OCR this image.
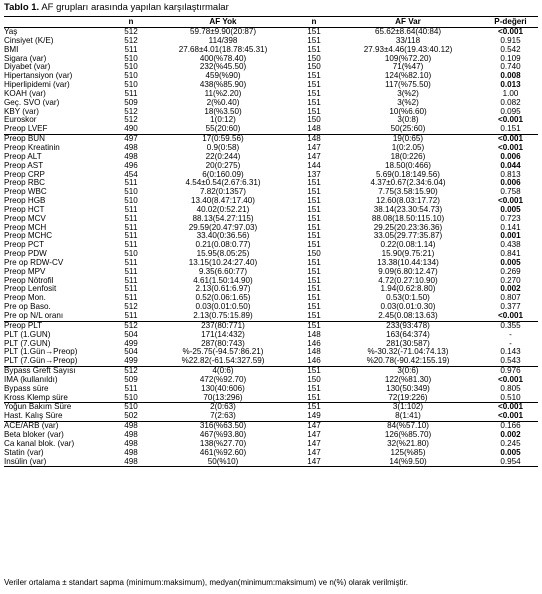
Tablo 1. AF grupları arasında yapılan karşılaştırmalar
	n	AF Yok	n	AF Var	P-değeri
Yaş	512	59.78±9.90(20:87)	151	65.62±8.64(40:84)	<0.001
Cinsiyet (K/E)	512	114/398	151	33/118	0.915
BMI	511	27.68±4.01(18.78:45.31)	151	27.93±4.46(19.43:40.12)	0.542
Sigara (var)	510	400(%78.40)	150	109(%72.20)	0.109
Diyabet (var)	510	232(%45.50)	150	71(%47)	0.740
Hipertansiyon (var)	510	459(%90)	151	124(%82.10)	0.008
Hiperlipidemi (var)	510	438(%85.90)	151	117(%75.50)	0.013
KOAH (var)	511	11(%2.20)	151	3(%2)	1.00
Geç. SVO (var)	509	2(%0.40)	151	3(%2)	0.082
KBY (var)	512	18(%3.50)	151	10(%6.60)	0.095
Euroskor	512	1(0:12)	150	3(0:8)	<0.001
Preop LVEF	490	55(20:60)	148	50(25:60)	0.151
Preop BUN	497	17(0:59.56)	148	19(0:65)	<0.001
Preop Kreatinin	498	0.9(0:58)	147	1(0:2.05)	<0.001
Preop ALT	498	22(0:244)	147	18(0:226)	0.006
Preop AST	496	20(0:275)	144	18.50(0:466)	0.044
Preop CRP	454	6(0:160.09)	137	5.69(0.18:149.56)	0.813
Preop RBC	511	4.54±0.54(2.67:6.31)	151	4.37±0.67(2.34:6.04)	0.006
Preop WBC	510	7.82(0:1357)	151	7.75(3.58:15.90)	0.758
Preop HGB	510	13.40(8.47:17.40)	151	12.60(8.03:17.72)	<0.001
Preop HCT	511	40.02(0:52.21)	151	38.14(23.30:54.73)	0.005
Preop MCV	511	88.13(54.27:115)	151	88.08(18.50:115.10)	0.723
Preop MCH	511	29.59(20.47:97.03)	151	29.25(20.23:36.36)	0.141
Preop MCHC	511	33.40(0:36.56)	151	33.05(29.77:35.87)	0.001
Preop PCT	511	0.21(0.08:0.77)	151	0.22(0.08:1.14)	0.438
Preop PDW	510	15.95(8.05:25)	150	15.90(9.75:21)	0.841
Pre op RDW-CV	511	13.15(10.24:27.40)	151	13.38(10.44:134)	0.005
Preop MPV	511	9.35(6.60:77)	151	9.09(6.80:12.47)	0.269
Preop Nötrofil	511	4.61(1.50:14.90)	151	4.72(0.27:10.90)	0.270
Preop Lenfosit	511	2.13(0.61:6.97)	151	1.94(0.62:8.80)	0.002
Preop Mon.	511	0.52(0.06:1.65)	151	0.53(0:1.50)	0.807
Pre op Baso.	512	0.03(0.01:0.50)	151	0.03(0.01:0.30)	0.377
Pre op N/L oranı	511	2.13(0.75:15.89)	151	2.45(0.08:13.63)	<0.001
Preop PLT	512	237(80:771)	151	233(93:478)	0.355
PLT (1.GÜN)	504	171(14:432)	148	163(64:374)	-
PLT (7.GÜN)	499	287(80:743)	146	281(30:587)	-
PLT (1.Gün→Preop)	504	%-25.75(-94.57:86.21)	148	%-30.32(-71.04:74.13)	0.143
PLT (7.Gün→Preop)	499	%22.82(-61.54:327.59)	146	%20.78(-90.42:155.19)	0.543
Bypass Greft Sayısı	512	4(0:6)	151	3(0:6)	0.976
İMA (kullanıldı)	509	472(%92.70)	150	122(%81.30)	<0.001
Bypass süre	511	130(40:606)	151	130(50:349)	0.805
Kross Klemp süre	510	70(13:296)	151	72(19:226)	0.510
Yoğun Bakım Süre	510	2(0:63)	151	3(1:102)	<0.001
Hast. Kalış Süre	502	7(2:63)	149	8(1:41)	<0.001
ACE/ARB (var)	498	316(%63.50)	147	84(%57.10)	0.166
Beta bloker (var)	498	467(%93.80)	147	126(%85.70)	0.002
Ca kanal blok. (var)	498	138(%27.70)	147	32(%21.80)	0.245
Statin (var)	498	461(%92.60)	147	125(%85)	0.005
İnsülin (var)	498	50(%10)	147	14(%9.50)	0.954
Veriler ortalama ± standart sapma (minimum:maksimum), medyan(minimum:maksimum) ve n(%) olarak verilmiştir.
